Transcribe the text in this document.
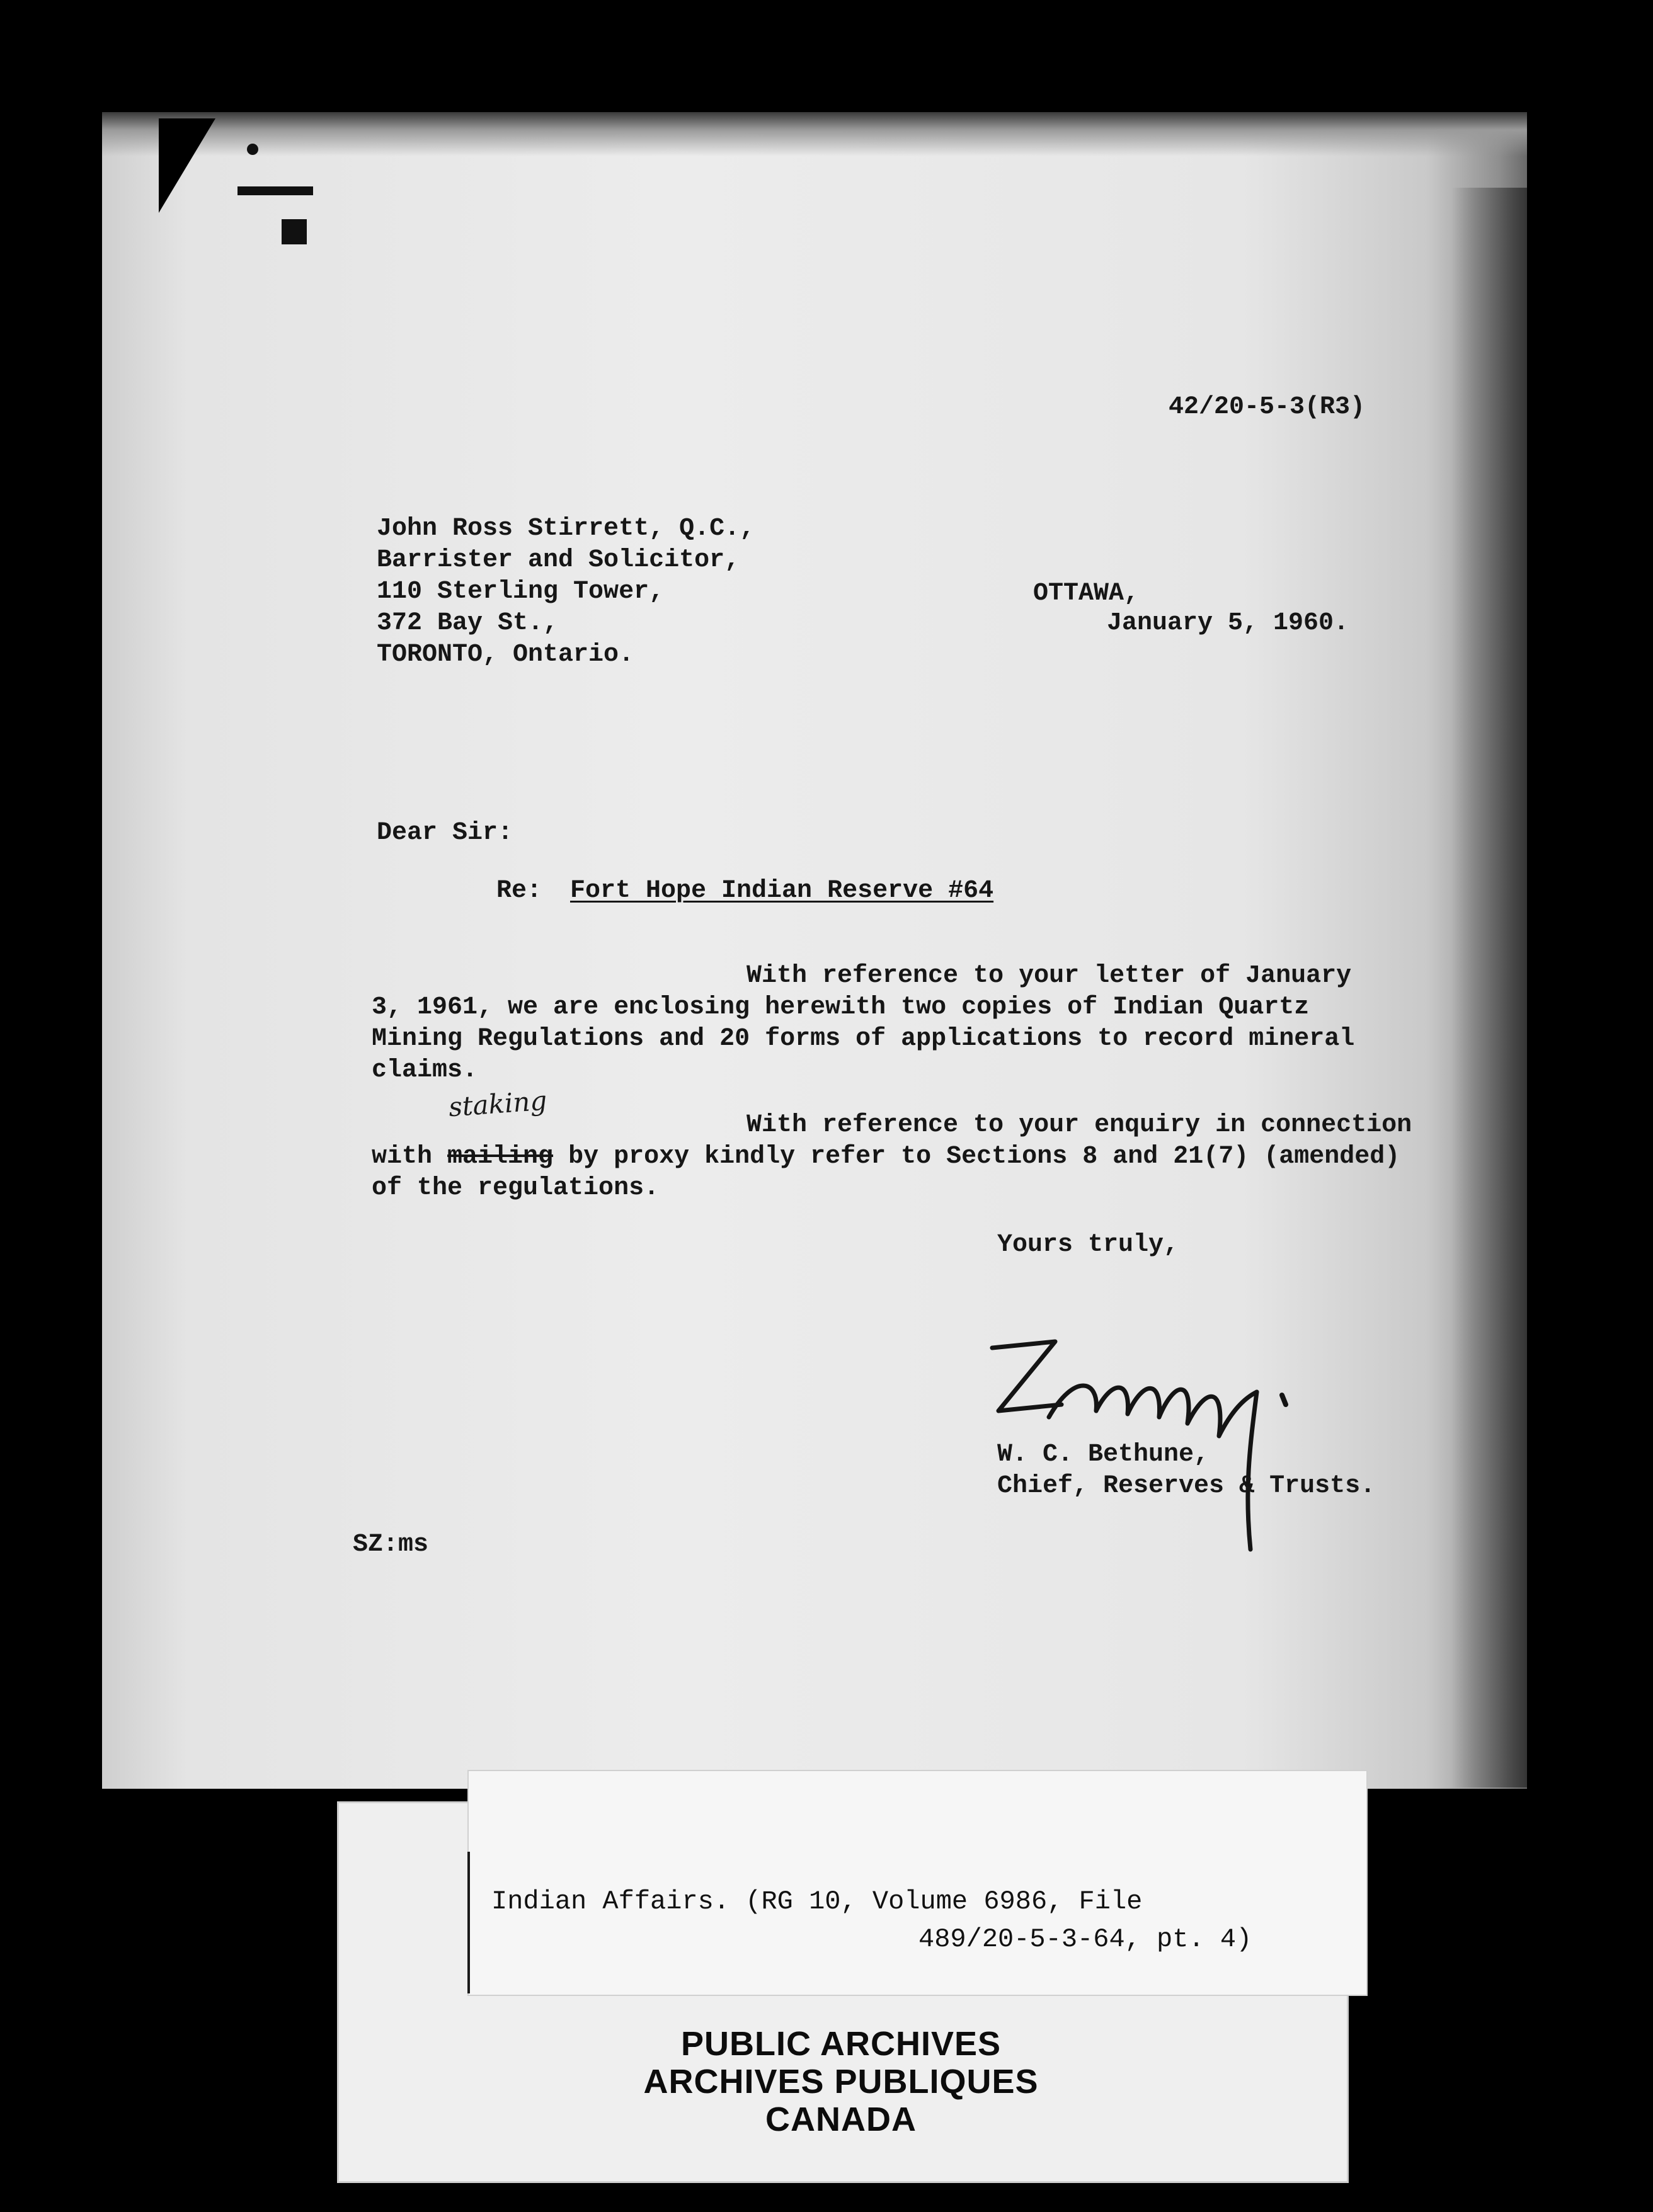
42/20-5-3(R3)
John Ross Stirrett, Q.C.,
Barrister and Solicitor,
110 Sterling Tower,
372 Bay St.,
TORONTO, Ontario.
OTTAWA,
January 5, 1960.
Dear Sir:
Re: Fort Hope Indian Reserve #64
With reference to your letter of January
3, 1961, we are enclosing herewith two copies of Indian Quartz
Mining Regulations and 20 forms of applications to record mineral
claims.
staking
With reference to your enquiry in connection
with mailing by proxy kindly refer to Sections 8 and 21(7) (amended)
of the regulations.
Yours truly,
W. C. Bethune,
Chief, Reserves & Trusts.
SZ:ms
Indian Affairs. (RG 10, Volume 6986, File
489/20-5-3-64, pt. 4)
PUBLIC ARCHIVES
ARCHIVES PUBLIQUES
CANADA
